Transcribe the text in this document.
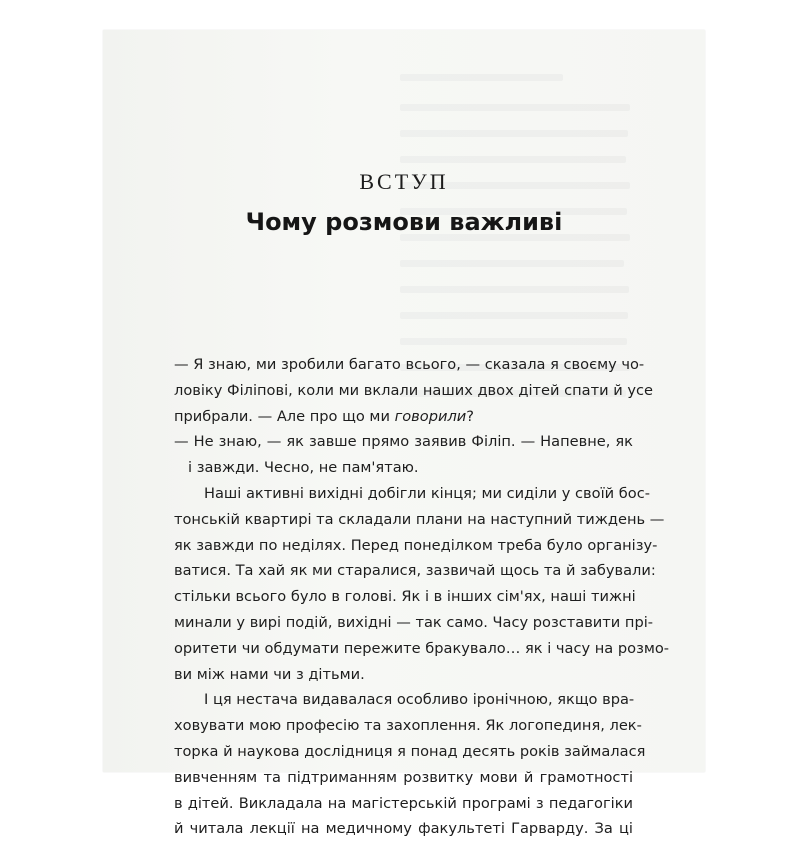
ВСТУП
Чому розмови важливі
— Я знаю, ми зробили багато всього, — сказала я своєму чо-
ловіку Філіпові, коли ми вклали наших двох дітей спати й усе
прибрали. — Але про що ми говорили?
— Не знаю, — як завше прямо заявив Філіп. — Напевне, як
і завжди. Чесно, не пам'ятаю.
Наші активні вихідні добігли кінця; ми сиділи у своїй бос-
тонській квартирі та складали плани на наступний тиждень —
як завжди по неділях. Перед понеділком треба було організу-
ватися. Та хай як ми старалися, зазвичай щось та й забували:
стільки всього було в голові. Як і в інших сім'ях, наші тижні
минали у вирі подій, вихідні — так само. Часу розставити прі-
оритети чи обдумати пережите бракувало… як і часу на розмо-
ви між нами чи з дітьми.
І ця нестача видавалася особливо іронічною, якщо вра-
ховувати мою професію та захоплення. Як логопединя, лек-
торка й наукова дослідниця я понад десять років займалася
вивченням та підтриманням розвитку мови й грамотності
в дітей. Викладала на магістерській програмі з педагогіки
й читала лекції на медичному факультеті Гарварду. За ці
